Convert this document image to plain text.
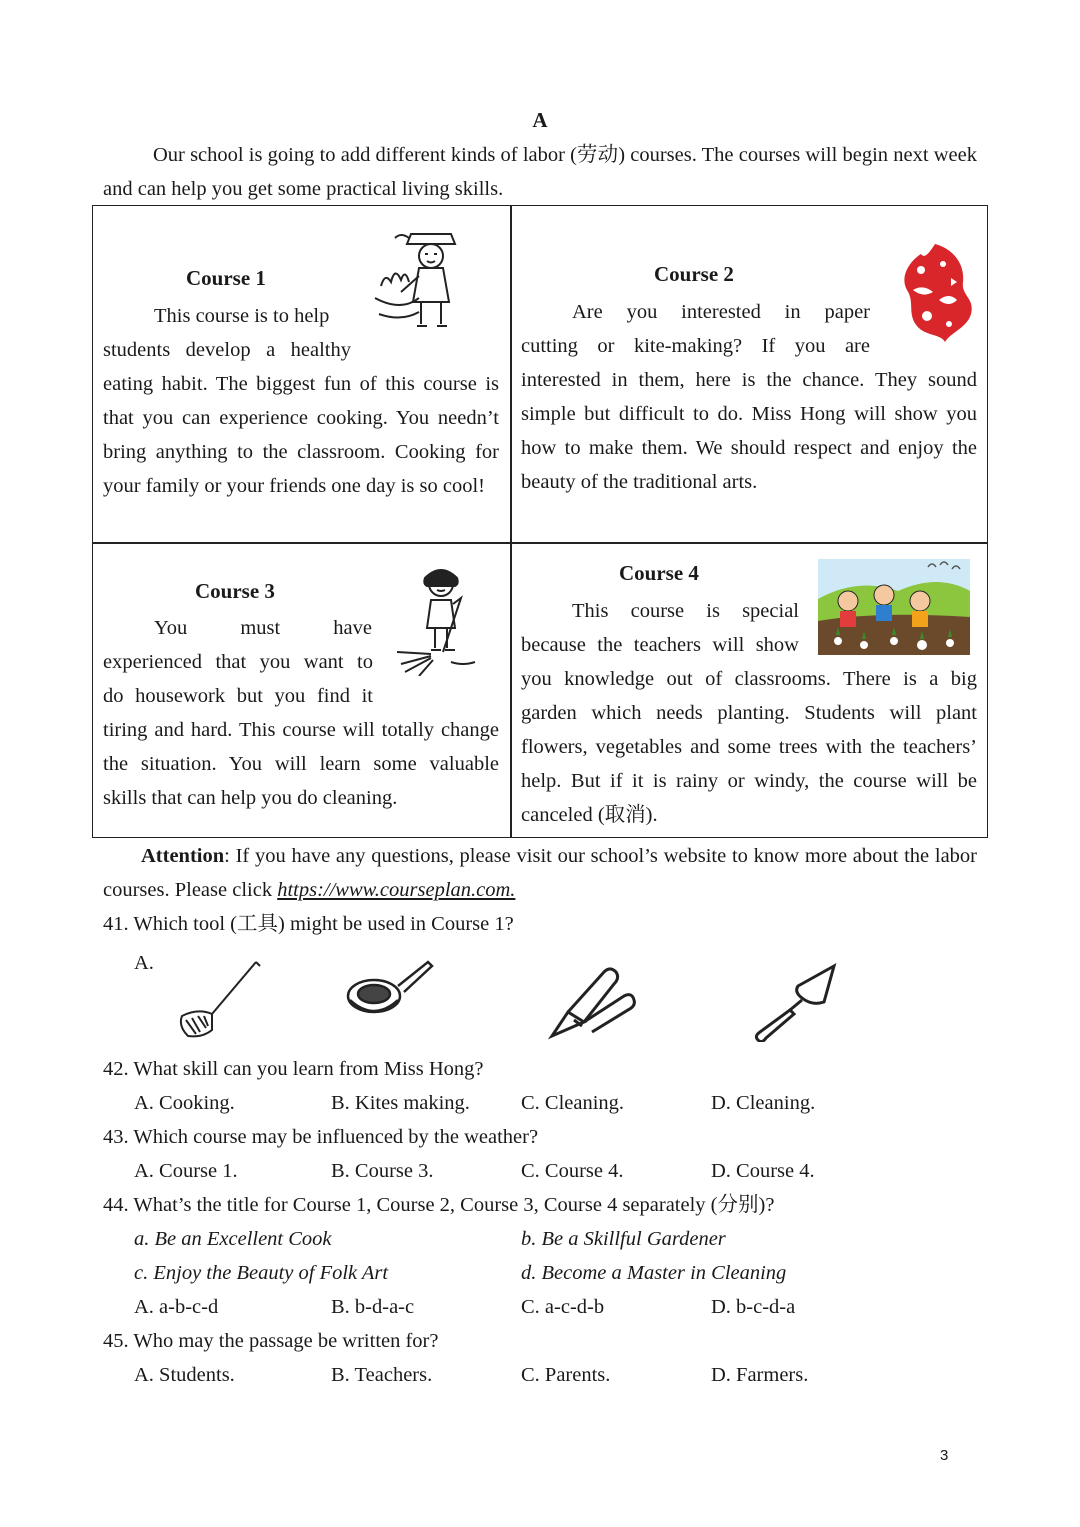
A
Our school is going to add different kinds of labor (劳动) courses. The courses will begin next week and can help you get some practical living skills.
Course 1
This course is to help
students develop a healthy
eating habit. The biggest fun of this course is that you can experience cooking. You needn’t bring anything to the classroom. Cooking for your family or your friends one day is so cool!
Course 2
Are you interested in paper
cutting or kite-making? If you are
interested in them, here is the chance. They sound simple but difficult to do. Miss Hong will show you how to make them. We should respect and enjoy the beauty of the traditional arts.
Course 3
You must have
experienced that you want to
do housework but you find it
tiring and hard. This course will totally change the situation. You will learn some valuable skills that can help you do cleaning.
Course 4
This course is special
because the teachers will show
you knowledge out of classrooms. There is a big garden which needs planting. Students will plant flowers, vegetables and some trees with the teachers’ help. But if it is rainy or windy, the course will be canceled (取消).
Attention: If you have any questions, please visit our school’s website to know more about the labor courses. Please click https://www.courseplan.com.
41. Which tool (工具) might be used in Course 1?
A.
42. What skill can you learn from Miss Hong?
A. Cooking.	B. Kites making. C. Cleaning.	D. Cleaning.
43. Which course may be influenced by the weather?
A. Course 1.	B. Course 3.	C. Course 4.	D. Course 4.
44. What’s the title for Course 1, Course 2, Course 3, Course 4 separately (分别)?
a. Be an Excellent Cook	b. Be a Skillful Gardener
c. Enjoy the Beauty of Folk Art	d. Become a Master in Cleaning
A. a-b-c-d	B. b-d-a-c	C. a-c-d-b	D. b-c-d-a
45. Who may the passage be written for?
A. Students.	B. Teachers.	C. Parents.	D. Farmers.
3
